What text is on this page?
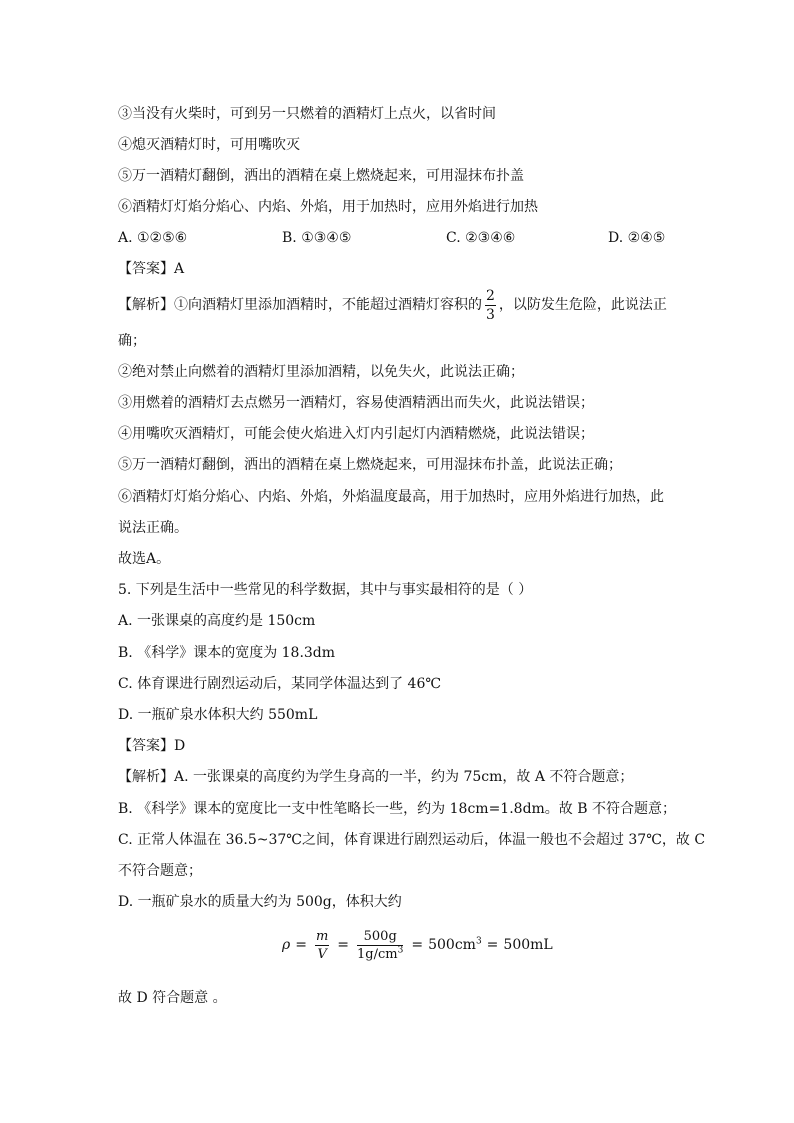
③当没有火柴时，可到另一只燃着的酒精灯上点火，以省时间
④熄灭酒精灯时，可用嘴吹灭
⑤万一酒精灯翻倒，洒出的酒精在桌上燃烧起来，可用湿抹布扑盖
⑥酒精灯灯焰分焰心、内焰、外焰，用于加热时，应用外焰进行加热
A. ①②⑤⑥	B. ①③④⑤	C. ②③④⑥	D. ②④⑤
【答案】A
【解析】①向酒精灯里添加酒精时，不能超过酒精灯容积的 $\frac{2}{3}$ ，以防发生危险，此说法正
确；
②绝对禁止向燃着的酒精灯里添加酒精，以免失火，此说法正确；
③用燃着的酒精灯去点燃另一酒精灯，容易使酒精洒出而失火，此说法错误；
④用嘴吹灭酒精灯，可能会使火焰进入灯内引起灯内酒精燃烧，此说法错误；
⑤万一酒精灯翻倒，洒出的酒精在桌上燃烧起来，可用湿抹布扑盖，此说法正确；
⑥酒精灯灯焰分焰心、内焰、外焰，外焰温度最高，用于加热时，应用外焰进行加热，此
说法正确。
故选A。
5. 下列是生活中一些常见的科学数据，其中与事实最相符的是（ ）
A. 一张课桌的高度约是 150cm
B. 《科学》课本的宽度为 18.3dm
C. 体育课进行剧烈运动后，某同学体温达到了 46℃
D. 一瓶矿泉水体积大约 550mL
【答案】D
【解析】A. 一张课桌的高度约为学生身高的一半，约为 75cm，故 A 不符合题意；
B. 《科学》课本的宽度比一支中性笔略长一些，约为 18cm=1.8dm。故 B 不符合题意；
C. 正常人体温在 36.5~37℃之间，体育课进行剧烈运动后，体温一般也不会超过 37℃，故 C
不符合题意；
D. 一瓶矿泉水的质量大约为 500g，体积大约
$\rho = \frac{m}{V} = \frac{500g}{1g/cm^3} = 500cm^3 = 500mL$
故 D 符合题意 。
